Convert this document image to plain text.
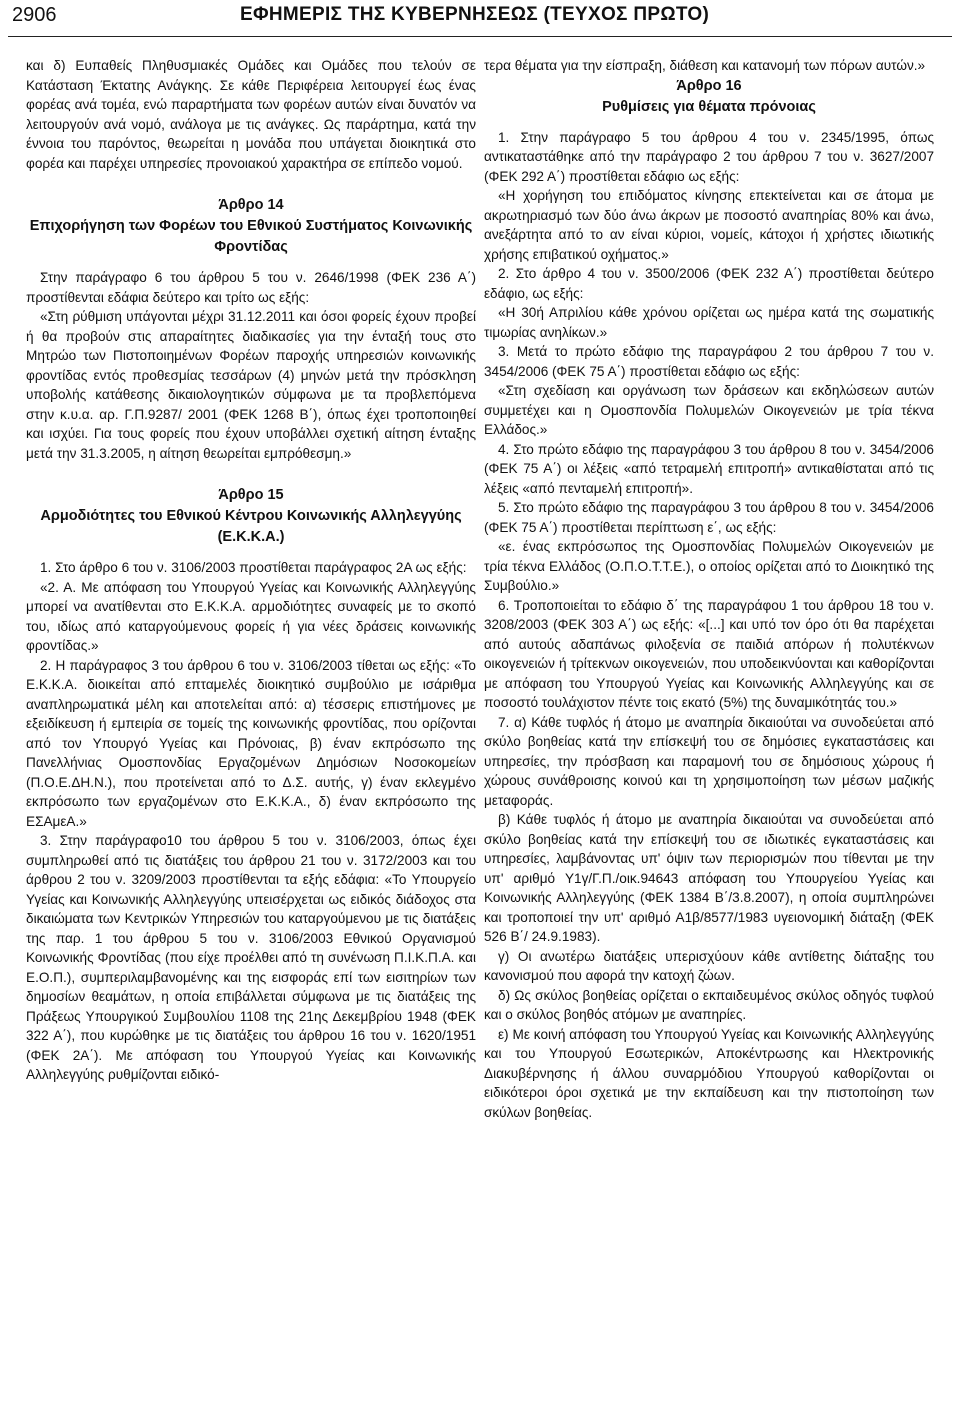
2906	ΕΦΗΜΕΡΙΣ ΤΗΣ ΚΥΒΕΡΝΗΣΕΩΣ (ΤΕΥΧΟΣ ΠΡΩΤΟ)

και δ) Ευπαθείς Πληθυσμιακές Ομάδες και Ομάδες που τελούν σε Κατάσταση Έκτατης Ανάγκης. Σε κάθε Περιφέρεια λειτουργεί έως ένας φορέας ανά τομέα, ενώ παραρτήματα των φορέων αυτών είναι δυνατόν να λειτουργούν ανά νομό, ανάλογα με τις ανάγκες. Ως παράρτημα, κατά την έννοια του παρόντος, θεωρείται η μονάδα που υπάγεται διοικητικά στο φορέα και παρέχει υπηρεσίες προνοιακού χαρακτήρα σε επίπεδο νομού.

Άρθρο 14

Επιχορήγηση των Φορέων του Εθνικού Συστήματος Κοινωνικής Φροντίδας

Στην παράγραφο 6 του άρθρου 5 του ν. 2646/1998 (ΦΕΚ 236 Α΄) προστίθενται εδάφια δεύτερο και τρίτο ως εξής:

«Στη ρύθμιση υπάγονται μέχρι 31.12.2011 και όσοι φορείς έχουν προβεί ή θα προβούν στις απαραίτητες διαδικασίες για την ένταξή τους στο Μητρώο των Πιστοποιημένων Φορέων παροχής υπηρεσιών κοινωνικής φροντίδας εντός προθεσμίας τεσσάρων (4) μηνών μετά την πρόσκληση υποβολής κατάθεσης δικαιολογητικών σύμφωνα με τα προβλεπόμενα στην κ.υ.α. αρ. Γ.Π.9287/ 2001 (ΦΕΚ 1268 Β΄), όπως έχει τροποποιηθεί και ισχύει. Για τους φορείς που έχουν υποβάλλει σχετική αίτηση ένταξης μετά την 31.3.2005, η αίτηση θεωρείται εμπρόθεσμη.»

Άρθρο 15

Αρμοδιότητες του Εθνικού Κέντρου Κοινωνικής Αλληλεγγύης (Ε.Κ.Κ.Α.)

1. Στο άρθρο 6 του ν. 3106/2003 προστίθεται παράγραφος 2Α ως εξής:

«2. Α. Με απόφαση του Υπουργού Υγείας και Κοινωνικής Αλληλεγγύης μπορεί να ανατίθενται στο Ε.Κ.Κ.Α. αρμοδιότητες συναφείς με το σκοπό του, ιδίως από καταργούμενους φορείς ή για νέες δράσεις κοινωνικής φροντίδας.»

2. Η παράγραφος 3 του άρθρου 6 του ν. 3106/2003 τίθεται ως εξής: «Το Ε.Κ.Κ.Α. διοικείται από επταμελές διοικητικό συμβούλιο με ισάριθμα αναπληρωματικά μέλη και αποτελείται από: α) τέσσερις επιστήμονες με εξειδίκευση ή εμπειρία σε τομείς της κοινωνικής φροντίδας, που ορίζονται από τον Υπουργό Υγείας και Πρόνοιας, β) έναν εκπρόσωπο της Πανελλήνιας Ομοσπονδίας Εργαζομένων Δημόσιων Νοσοκομείων (Π.Ο.Ε.ΔΗ.Ν.), που προτείνεται από το Δ.Σ. αυτής, γ) έναν εκλεγμένο εκπρόσωπο των εργαζομένων στο Ε.Κ.Κ.Α., δ) έναν εκπρόσωπο της ΕΣΑμεΑ.»

3. Στην παράγραφο10 του άρθρου 5 του ν. 3106/2003, όπως έχει συμπληρωθεί από τις διατάξεις του άρθρου 21 του ν. 3172/2003 και του άρθρου 2 του ν. 3209/2003 προστίθενται τα εξής εδάφια: «Το Υπουργείο Υγείας και Κοινωνικής Αλληλεγγύης υπεισέρχεται ως ειδικός διάδοχος στα δικαιώματα των Κεντρικών Υπηρεσιών του καταργούμενου με τις διατάξεις της παρ. 1 του άρθρου 5 του ν. 3106/2003 Εθνικού Οργανισμού Κοινωνικής Φροντίδας (που είχε προέλθει από τη συνένωση Π.Ι.Κ.Π.Α. και Ε.Ο.Π.), συμπεριλαμβανομένης και της εισφοράς επί των εισιτηρίων των δημοσίων θεαμάτων, η οποία επιβάλλεται σύμφωνα με τις διατάξεις της Πράξεως Υπουργικού Συμβουλίου 1108 της 21ης Δεκεμβρίου 1948 (ΦΕΚ 322 Α΄), που κυρώθηκε με τις διατάξεις του άρθρου 16 του ν. 1620/1951 (ΦΕΚ 2Α΄). Με απόφαση του Υπουργού Υγείας και Κοινωνικής Αλληλεγγύης ρυθμίζονται ειδικό-

τερα θέματα για την είσπραξη, διάθεση και κατανομή των πόρων αυτών.»

Άρθρο 16

Ρυθμίσεις για θέματα πρόνοιας

1. Στην παράγραφο 5 του άρθρου 4 του ν. 2345/1995, όπως αντικαταστάθηκε από την παράγραφο 2 του άρθρου 7 του ν. 3627/2007 (ΦΕΚ 292 Α΄) προστίθεται εδάφιο ως εξής:

«Η χορήγηση του επιδόματος κίνησης επεκτείνεται και σε άτομα με ακρωτηριασμό των δύο άνω άκρων με ποσοστό αναπηρίας 80% και άνω, ανεξάρτητα από το αν είναι κύριοι, νομείς, κάτοχοι ή χρήστες ιδιωτικής χρήσης επιβατικού οχήματος.»

2. Στο άρθρο 4 του ν. 3500/2006 (ΦΕΚ 232 Α΄) προστίθεται δεύτερο εδάφιο, ως εξής:

«Η 30ή Απριλίου κάθε χρόνου ορίζεται ως ημέρα κατά της σωματικής τιμωρίας ανηλίκων.»

3. Μετά το πρώτο εδάφιο της παραγράφου 2 του άρθρου 7 του ν. 3454/2006 (ΦΕΚ 75 Α΄) προστίθεται εδάφιο ως εξής:

«Στη σχεδίαση και οργάνωση των δράσεων και εκδηλώσεων αυτών συμμετέχει και η Ομοσπονδία Πολυμελών Οικογενειών με τρία τέκνα Ελλάδος.»

4. Στο πρώτο εδάφιο της παραγράφου 3 του άρθρου 8 του ν. 3454/2006 (ΦΕΚ 75 Α΄) οι λέξεις «από τετραμελή επιτροπή» αντικαθίσταται από τις λέξεις «από πενταμελή επιτροπή».

5. Στο πρώτο εδάφιο της παραγράφου 3 του άρθρου 8 του ν. 3454/2006 (ΦΕΚ 75 Α΄) προστίθεται περίπτωση ε΄, ως εξής:

«ε. ένας εκπρόσωπος της Ομοσπονδίας Πολυμελών Οικογενειών με τρία τέκνα Ελλάδος (Ο.Π.Ο.Τ.Τ.Ε.), ο οποίος ορίζεται από το Διοικητικό της Συμβούλιο.»

6. Τροποποιείται το εδάφιο δ΄ της παραγράφου 1 του άρθρου 18 του ν. 3208/2003 (ΦΕΚ 303 Α΄) ως εξής: «[...] και υπό τον όρο ότι θα παρέχεται από αυτούς αδαπάνως φιλοξενία σε παιδιά απόρων ή πολυτέκνων οικογενειών ή τρίτεκνων οικογενειών, που υποδεικνύονται και καθορίζονται με απόφαση του Υπουργού Υγείας και Κοινωνικής Αλληλεγγύης και σε ποσοστό τουλάχιστον πέντε τοις εκατό (5%) της δυναμικότητάς του.»

7. α) Κάθε τυφλός ή άτομο με αναπηρία δικαιούται να συνοδεύεται από σκύλο βοηθείας κατά την επίσκεψή του σε δημόσιες εγκαταστάσεις και υπηρεσίες, την πρόσβαση και παραμονή του σε δημόσιους χώρους ή χώρους συνάθροισης κοινού και τη χρησιμοποίηση των μέσων μαζικής μεταφοράς.

β) Κάθε τυφλός ή άτομο με αναπηρία δικαιούται να συνοδεύεται από σκύλο βοηθείας κατά την επίσκεψή του σε ιδιωτικές εγκαταστάσεις και υπηρεσίες, λαμβάνοντας υπ' όψιν των περιορισμών που τίθενται με την υπ' αριθμό Υ1γ/Γ.Π./οικ.94643 απόφαση του Υπουργείου Υγείας και Κοινωνικής Αλληλεγγύης (ΦΕΚ 1384 Β΄/3.8.2007), η οποία συμπληρώνει και τροποποιεί την υπ' αριθμό Α1β/8577/1983 υγειονομική διάταξη (ΦΕΚ 526 Β΄/ 24.9.1983).

γ) Οι ανωτέρω διατάξεις υπερισχύουν κάθε αντίθετης διάταξης του κανονισμού που αφορά την κατοχή ζώων.

δ) Ως σκύλος βοηθείας ορίζεται ο εκπαιδευμένος σκύλος οδηγός τυφλού και ο σκύλος βοηθός ατόμων με αναπηρίες.

ε) Με κοινή απόφαση του Υπουργού Υγείας και Κοινωνικής Αλληλεγγύης και του Υπουργού Εσωτερικών, Αποκέντρωσης και Ηλεκτρονικής Διακυβέρνησης ή άλλου συναρμόδιου Υπουργού καθορίζονται οι ειδικότεροι όροι σχετικά με την εκπαίδευση και την πιστοποίηση των σκύλων βοηθείας.
